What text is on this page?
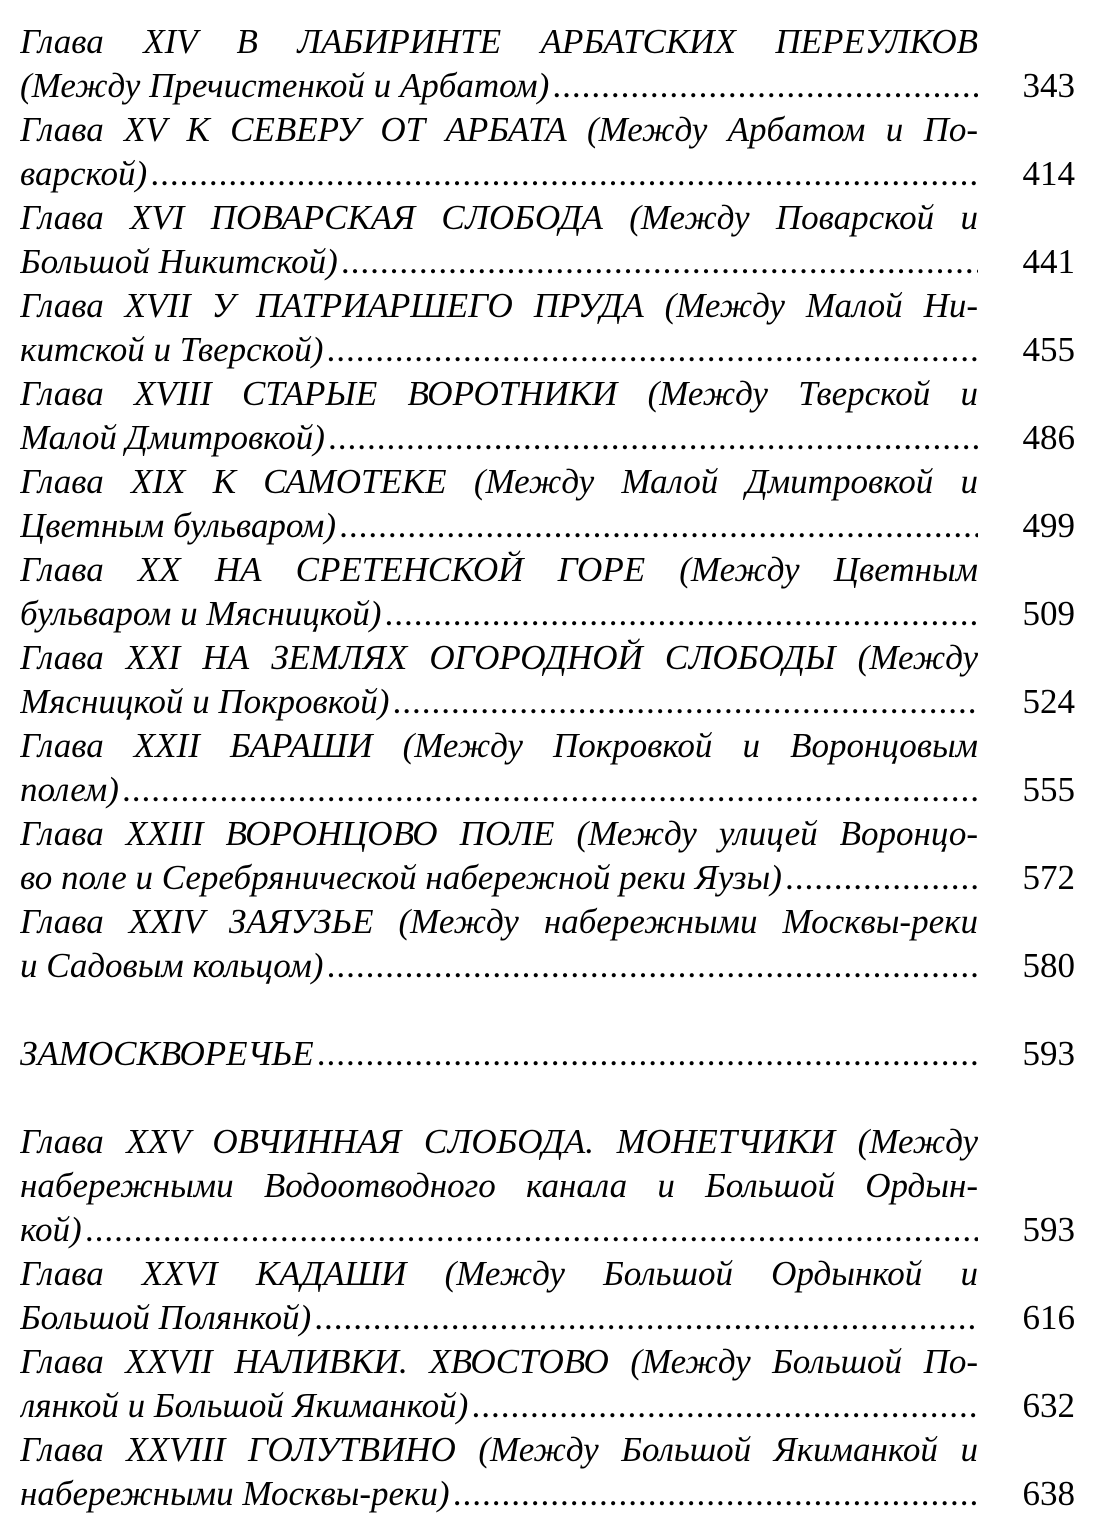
Глава XIV В ЛАБИРИНТЕ АРБАТСКИХ ПЕРЕУЛКОВ
(Между Пречистенкой и Арбатом) .....	343
Глава XV К СЕВЕРУ ОТ АРБАТА (Между Арбатом и По-
варской) .....	414
Глава XVI ПОВАРСКАЯ СЛОБОДА (Между Поварской и
Большой Никитской) .....	441
Глава XVII У ПАТРИАРШЕГО ПРУДА (Между Малой Ни-
китской и Тверской) .....	455
Глава XVIII СТАРЫЕ ВОРОТНИКИ (Между Тверской и
Малой Дмитровкой) .....	486
Глава XIX К САМОТЕКЕ (Между Малой Дмитровкой и
Цветным бульваром) .....	499
Глава XX НА СРЕТЕНСКОЙ ГОРЕ (Между Цветным
бульваром и Мясницкой) .....	509
Глава XXI НА ЗЕМЛЯХ ОГОРОДНОЙ СЛОБОДЫ (Между
Мясницкой и Покровкой) .....	524
Глава XXII БАРАШИ (Между Покровкой и Воронцовым
полем) .....	555
Глава XXIII ВОРОНЦОВО ПОЛЕ (Между улицей Воронцо-
во поле и Серебрянической набережной реки Яузы) .....	572
Глава XXIV ЗАЯУЗЬЕ (Между набережными Москвы-реки
и Садовым кольцом) .....	580
ЗАМОСКВОРЕЧЬЕ .....	593
Глава XXV ОВЧИННАЯ СЛОБОДА. МОНЕТЧИКИ (Между
набережными Водоотводного канала и Большой Ордын-
кой) .....	593
Глава XXVI КАДАШИ (Между Большой Ордынкой и
Большой Полянкой) .....	616
Глава XXVII НАЛИВКИ. ХВОСТОВО (Между Большой По-
лянкой и Большой Якиманкой) .....	632
Глава XXVIII ГОЛУТВИНО (Между Большой Якиманкой и
набережными Москвы-реки) .....	638
